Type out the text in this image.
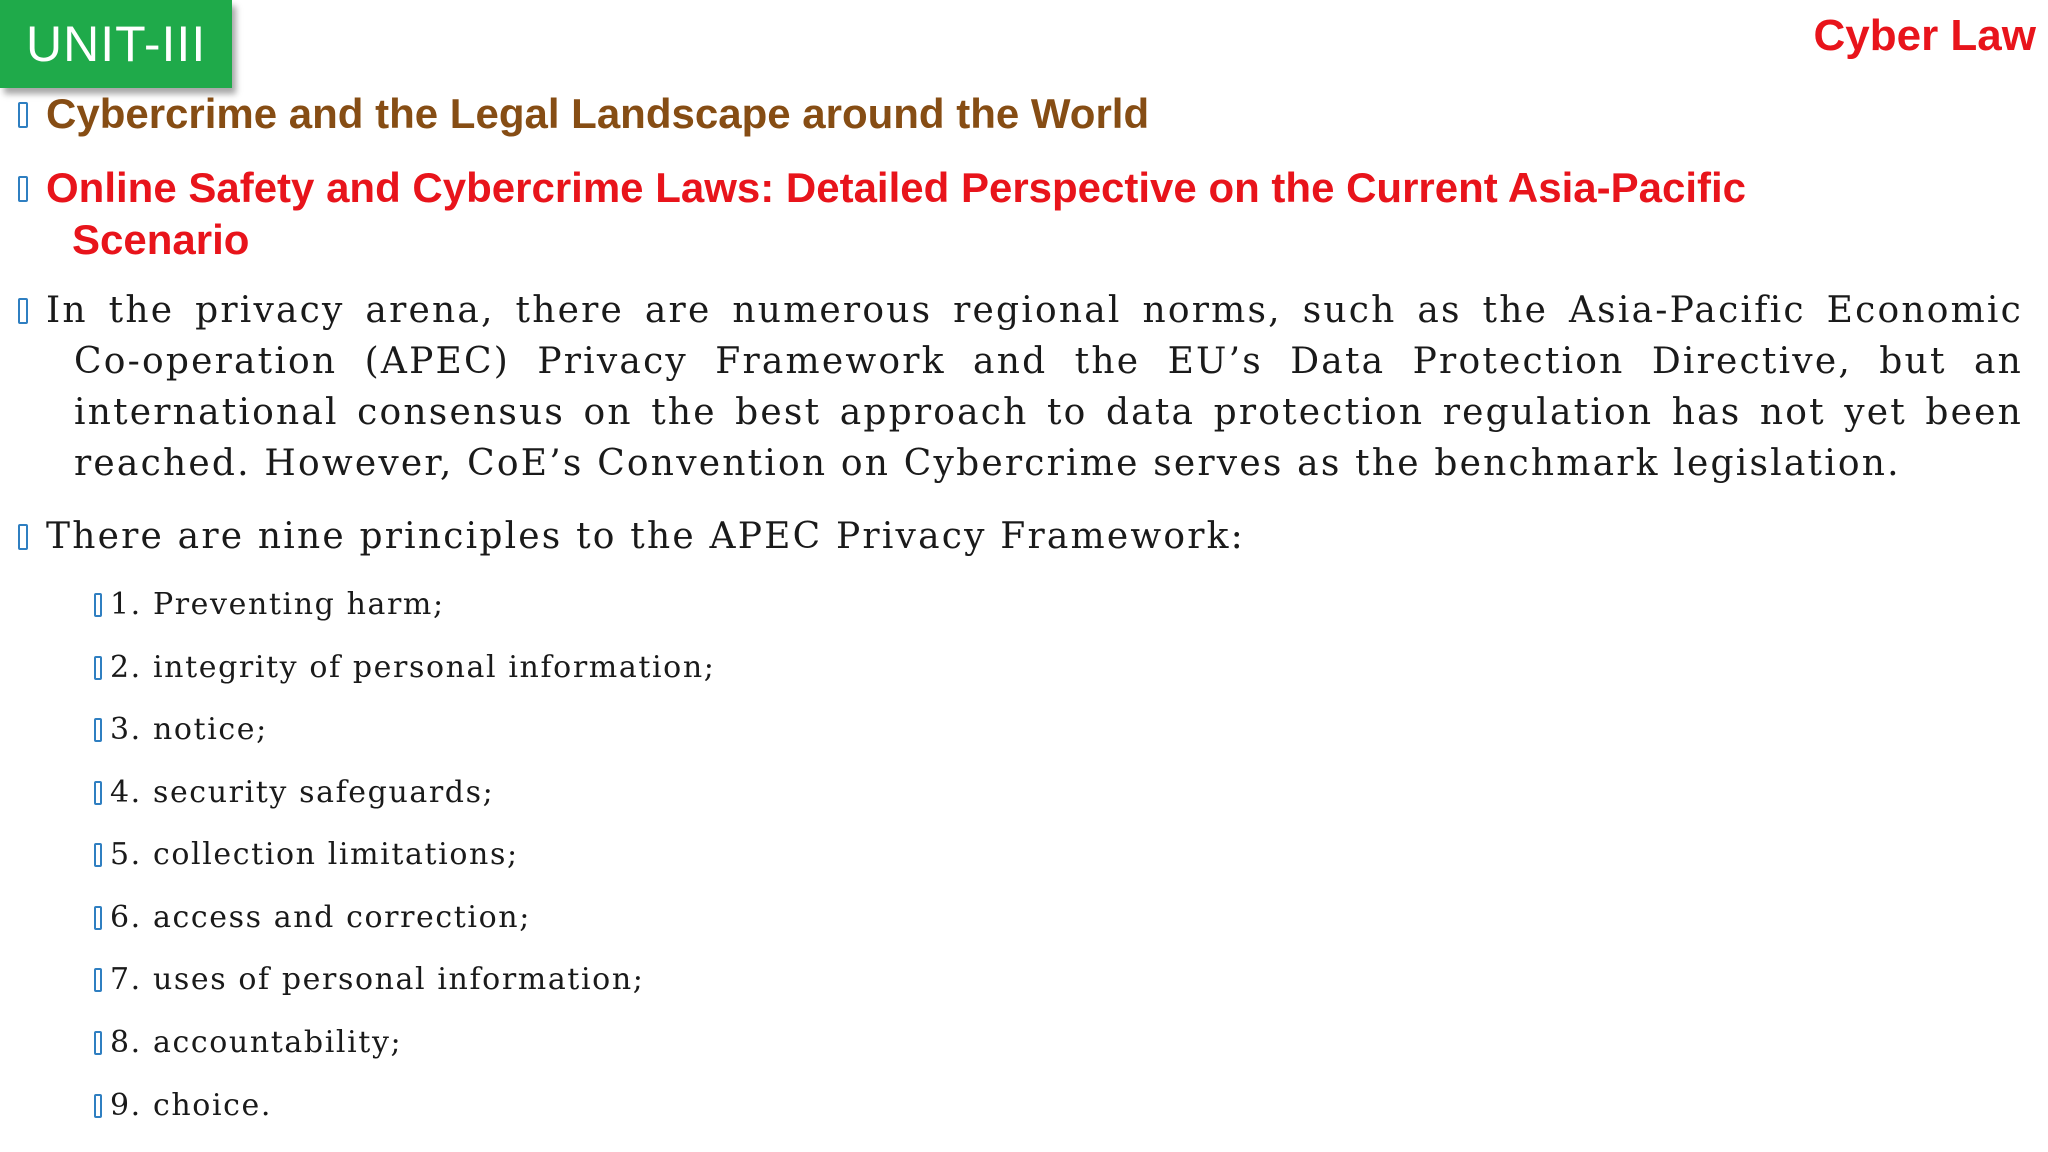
UNIT-III	Cyber Law
Cybercrime and the Legal Landscape around the World
Online Safety and Cybercrime Laws: Detailed Perspective on the Current Asia-Pacific
Scenario
In the privacy arena, there are numerous regional norms, such as the Asia-Pacific Economic
Co-operation (APEC) Privacy Framework and the EU’s Data Protection Directive, but an
international consensus on the best approach to data protection regulation has not yet been
reached. However, CoE’s Convention on Cybercrime serves as the benchmark legislation.
There are nine principles to the APEC Privacy Framework:
1. Preventing harm;
2. integrity of personal information;
3. notice;
4. security safeguards;
5. collection limitations;
6. access and correction;
7. uses of personal information;
8. accountability;
9. choice.
